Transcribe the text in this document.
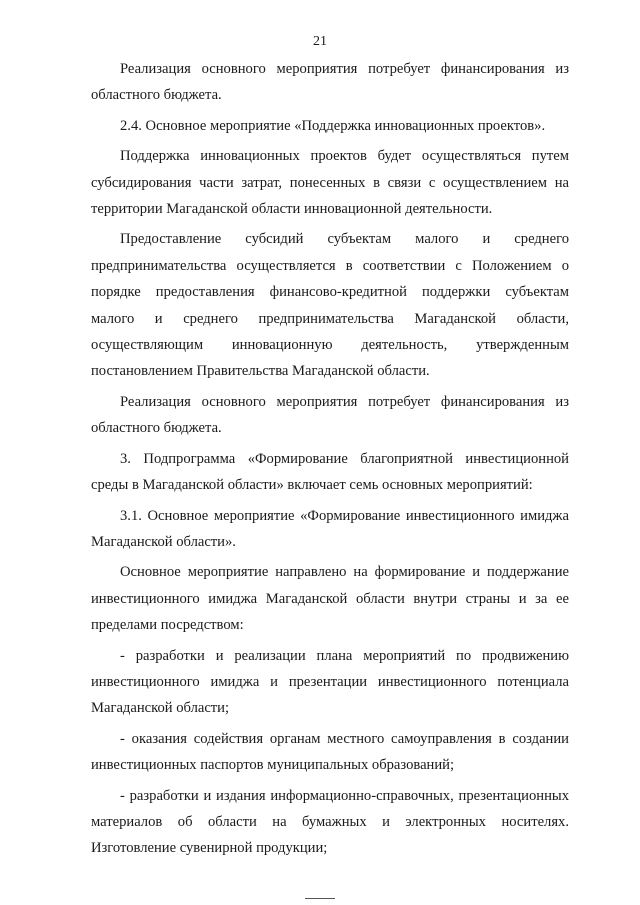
21

Реализация основного мероприятия потребует финансирования из областного бюджета.

2.4. Основное мероприятие «Поддержка инновационных проектов».

Поддержка инновационных проектов будет осуществляться путем субсидирования части затрат, понесенных в связи с осуществлением на территории Магаданской области инновационной деятельности.

Предоставление субсидий субъектам малого и среднего предпринимательства осуществляется в соответствии с Положением о порядке предоставления финансово-кредитной поддержки субъектам малого и среднего предпринимательства Магаданской области, осуществляющим инновационную деятельность, утвержденным постановлением Правительства Магаданской области.

Реализация основного мероприятия потребует финансирования из областного бюджета.

3. Подпрограмма «Формирование благоприятной инвестиционной среды в Магаданской области» включает семь основных мероприятий:

3.1. Основное мероприятие «Формирование инвестиционного имиджа Магаданской области».

Основное мероприятие направлено на формирование и поддержание инвестиционного имиджа Магаданской области внутри страны и за ее пределами посредством:

- разработки и реализации плана мероприятий по продвижению инвестиционного имиджа и презентации инвестиционного потенциала Магаданской области;

- оказания содействия органам местного самоуправления в создании инвестиционных паспортов муниципальных образований;

- разработки и издания информационно-справочных, презентационных материалов об области на бумажных и электронных носителях. Изготовление сувенирной продукции;
